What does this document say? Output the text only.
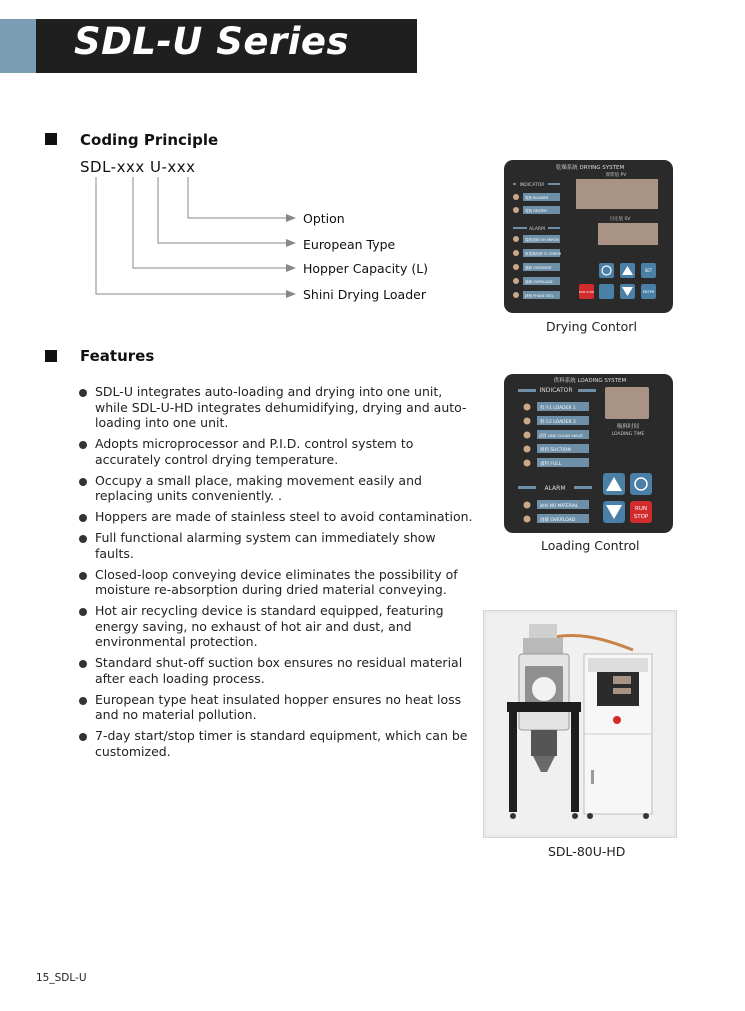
SDL-U Series
Coding Principle
SDL-xxx U-xxx
Option
European Type
Hopper Capacity (L)
Shini Drying Loader
Features
SDL-U integrates auto-loading and drying into one unit, while SDL-U-HD integrates dehumidifying, drying and auto-loading into one unit.
Adopts microprocessor and P.I.D. control system to accurately control drying temperature.
Occupy a small place, making movement easily and replacing units conveniently. .
Hoppers are made of stainless steel to avoid contamination.
Full functional alarming system can immediately show faults.
Closed-loop conveying device eliminates the possibility of moisture re-absorption during dried material conveying.
Hot air recycling device is standard equipped, featuring energy saving, no exhaust of hot air and dust, and environmental protection.
Standard shut-off suction box ensures no residual material after each loading process.
European type heat insulated hopper ensures no heat loss and no material pollution.
7-day start/stop timer is standard equipment, which can be customized.
乾燥系統 DRYING SYSTEM
實際值 PV
INDICATOR
電熱 BLOWER
電熱 HEATER
目定值 SV
ALARM
電熱故障 OH ERROR
熱電偶故障 TC ERROR
過熱 OVERHEAT
過載 OVERLOAD
缺相 PHASE SEQ.
SET
RUN STOP	ENTER
Drying Contorl
供料系統 LOADING SYSTEM
INDICATOR
吸料时间
LOADING TIME
料斗1 LOADER 1
料斗2 LOADER 2
清管 LINE CLEAN VALVE
吸料 SUCTION
滿料 FULL
ALARM
缺料 NO MATERIAL
過載 OVERLOAD
RUN
STOP
Loading Control
SDL-80U-HD
15_SDL-U
